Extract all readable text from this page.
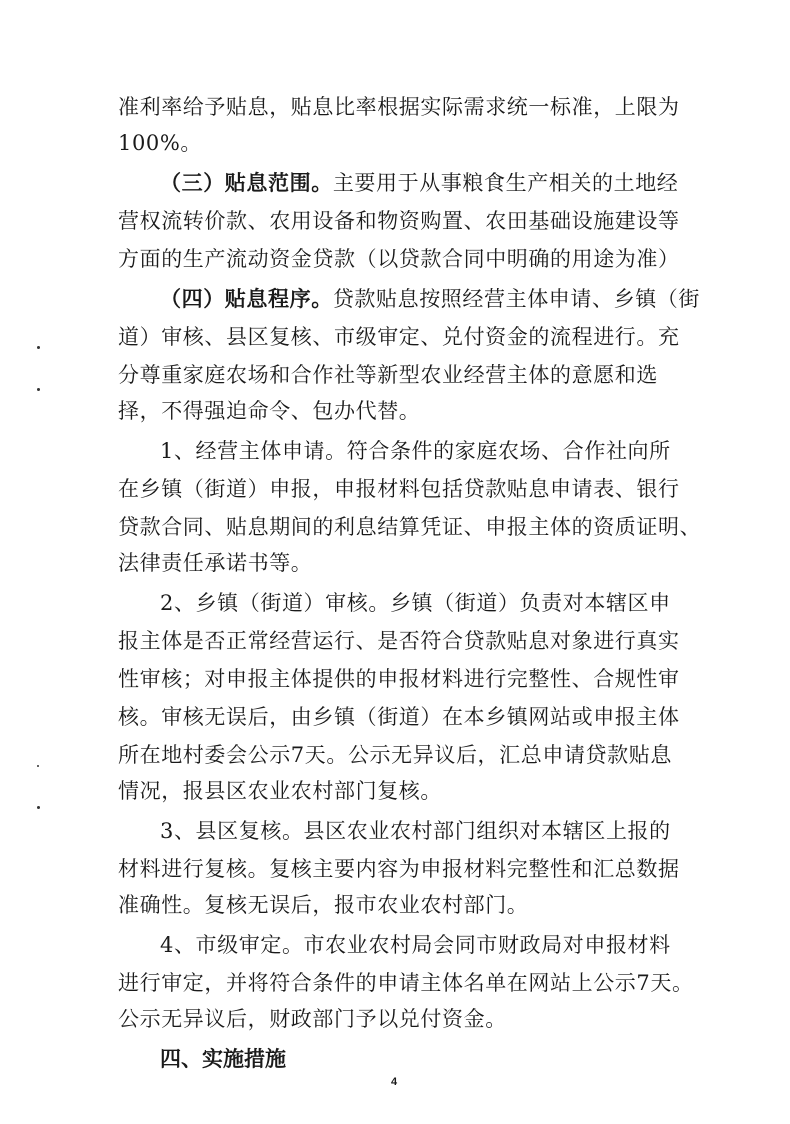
准利率给予贴息，贴息比率根据实际需求统一标准，上限为
100%。
（三）贴息范围。主要用于从事粮食生产相关的土地经
营权流转价款、农用设备和物资购置、农田基础设施建设等
方面的生产流动资金贷款（以贷款合同中明确的用途为准）
（四）贴息程序。贷款贴息按照经营主体申请、乡镇（街
道）审核、县区复核、市级审定、兑付资金的流程进行。充
分尊重家庭农场和合作社等新型农业经营主体的意愿和选
择，不得强迫命令、包办代替。
1、经营主体申请。符合条件的家庭农场、合作社向所
在乡镇（街道）申报，申报材料包括贷款贴息申请表、银行
贷款合同、贴息期间的利息结算凭证、申报主体的资质证明、
法律责任承诺书等。
2、乡镇（街道）审核。乡镇（街道）负责对本辖区申
报主体是否正常经营运行、是否符合贷款贴息对象进行真实
性审核；对申报主体提供的申报材料进行完整性、合规性审
核。审核无误后，由乡镇（街道）在本乡镇网站或申报主体
所在地村委会公示7天。公示无异议后，汇总申请贷款贴息
情况，报县区农业农村部门复核。
3、县区复核。县区农业农村部门组织对本辖区上报的
材料进行复核。复核主要内容为申报材料完整性和汇总数据
准确性。复核无误后，报市农业农村部门。
4、市级审定。市农业农村局会同市财政局对申报材料
进行审定，并将符合条件的申请主体名单在网站上公示7天。
公示无异议后，财政部门予以兑付资金。
四、实施措施
4
